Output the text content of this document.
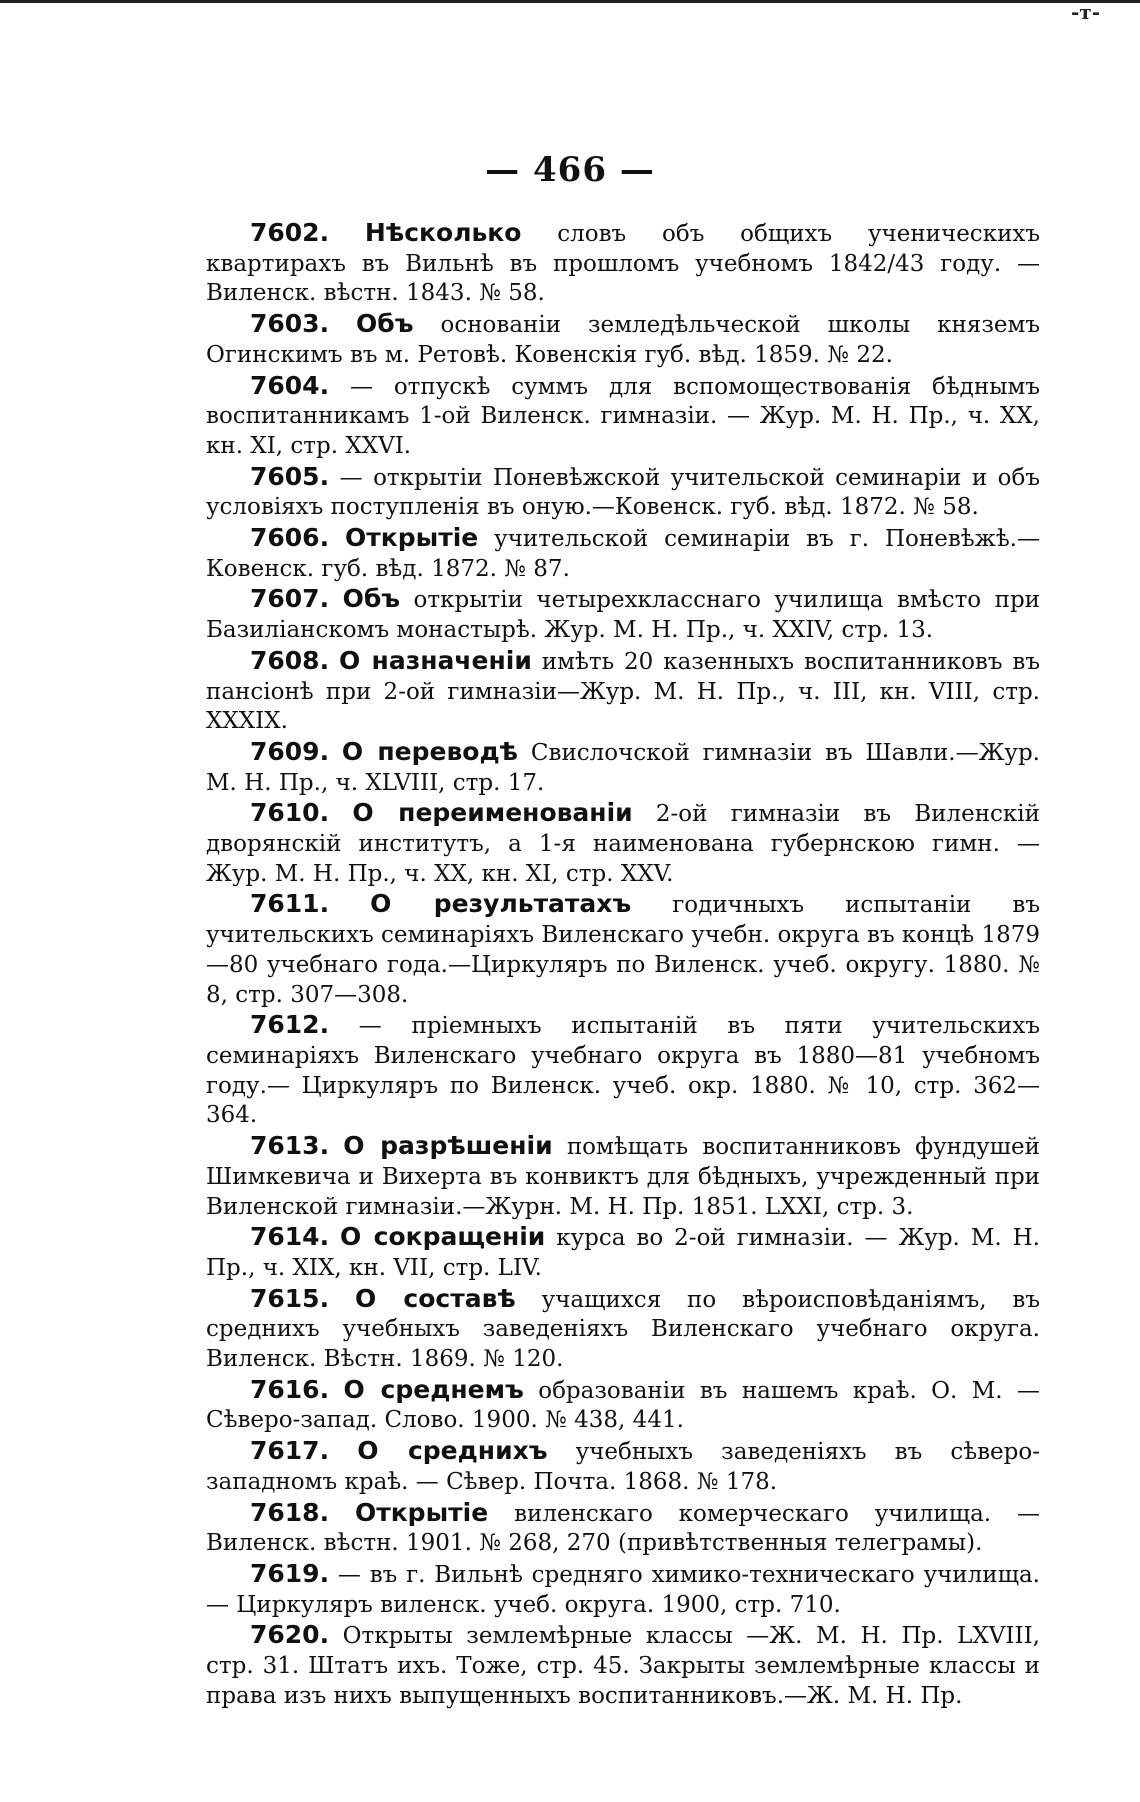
-т-
— 466 —

7602. Нѣсколько словъ объ общихъ ученическихъ квартирахъ въ Вильнѣ въ прошломъ учебномъ 1842/43 году. — Виленск. вѣстн. 1843. № 58.

7603. Объ основанiи земледѣльческой школы княземъ Огинскимъ въ м. Ретовѣ. Ковенскiя губ. вѣд. 1859. № 22.

7604. — отпускѣ суммъ для вспомоществованiя бѣднымъ воспитанникамъ 1-ой Виленск. гимназiи. — Жур. М. Н. Пр., ч. XX, кн. XI, стр. XXVI.

7605. — открытiи Поневѣжской учительской семинарiи и объ условiяхъ поступленiя въ оную.—Ковенск. губ. вѣд. 1872. № 58.

7606. Открытiе учительской семинарiи въ г. Поневѣжѣ.— Ковенск. губ. вѣд. 1872. № 87.

7607. Объ открытiи четырехкласснаго училища вмѣсто при Базилiанскомъ монастырѣ. Жур. М. Н. Пр., ч. XXIV, стр. 13.

7608. О назначенiи имѣть 20 казенныхъ воспитанниковъ въ пансiонѣ при 2-ой гимназiи—Жур. М. Н. Пр., ч. III, кн. VIII, стр. XXXIX.

7609. О переводѣ Свислочской гимназiи въ Шавли.—Жур. М. Н. Пр., ч. XLVIII, стр. 17.

7610. О переименованiи 2-ой гимназiи въ Виленскiй дворянскiй институтъ, а 1-я наименована губернскою гимн. — Жур. М. Н. Пр., ч. XX, кн. XI, стр. XXV.

7611. О результатахъ годичныхъ испытанiи въ учительскихъ семинарiяхъ Виленскаго учебн. округа въ концѣ 1879—80 учебнаго года.—Циркуляръ по Виленск. учеб. округу. 1880. № 8, стр. 307—308.

7612. — прiемныхъ испытанiй въ пяти учительскихъ семинарiяхъ Виленскаго учебнаго округа въ 1880—81 учебномъ году.— Циркуляръ по Виленск. учеб. окр. 1880. № 10, стр. 362—364.

7613. О разрѣшенiи помѣщать воспитанниковъ фундушей Шимкевича и Вихерта въ конвиктъ для бѣдныхъ, учрежденный при Виленской гимназiи.—Журн. М. Н. Пр. 1851. LXXI, стр. 3.

7614. О сокращенiи курса во 2-ой гимназiи. — Жур. М. Н. Пр., ч. XIX, кн. VII, стр. LIV.

7615. О составѣ учащихся по вѣроисповѣданiямъ, въ среднихъ учебныхъ заведенiяхъ Виленскаго учебнаго округа. Виленск. Вѣстн. 1869. № 120.

7616. О среднемъ образованiи въ нашемъ краѣ. О. М. — Сѣверо-запад. Слово. 1900. № 438, 441.

7617. О среднихъ учебныхъ заведенiяхъ въ сѣверо-западномъ краѣ. — Сѣвер. Почта. 1868. № 178.

7618. Открытiе виленскаго комерческаго училища. — Виленск. вѣстн. 1901. № 268, 270 (привѣтственныя телеграмы).

7619. — въ г. Вильнѣ средняго химико-техническаго училища. — Циркуляръ виленск. учеб. округа. 1900, стр. 710.

7620. Открыты землемѣрные классы —Ж. М. Н. Пр. LXVIII, стр. 31. Штатъ ихъ. Тоже, стр. 45. Закрыты землемѣрные классы и права изъ нихъ выпущенныхъ воспитанниковъ.—Ж. М. Н. Пр.
